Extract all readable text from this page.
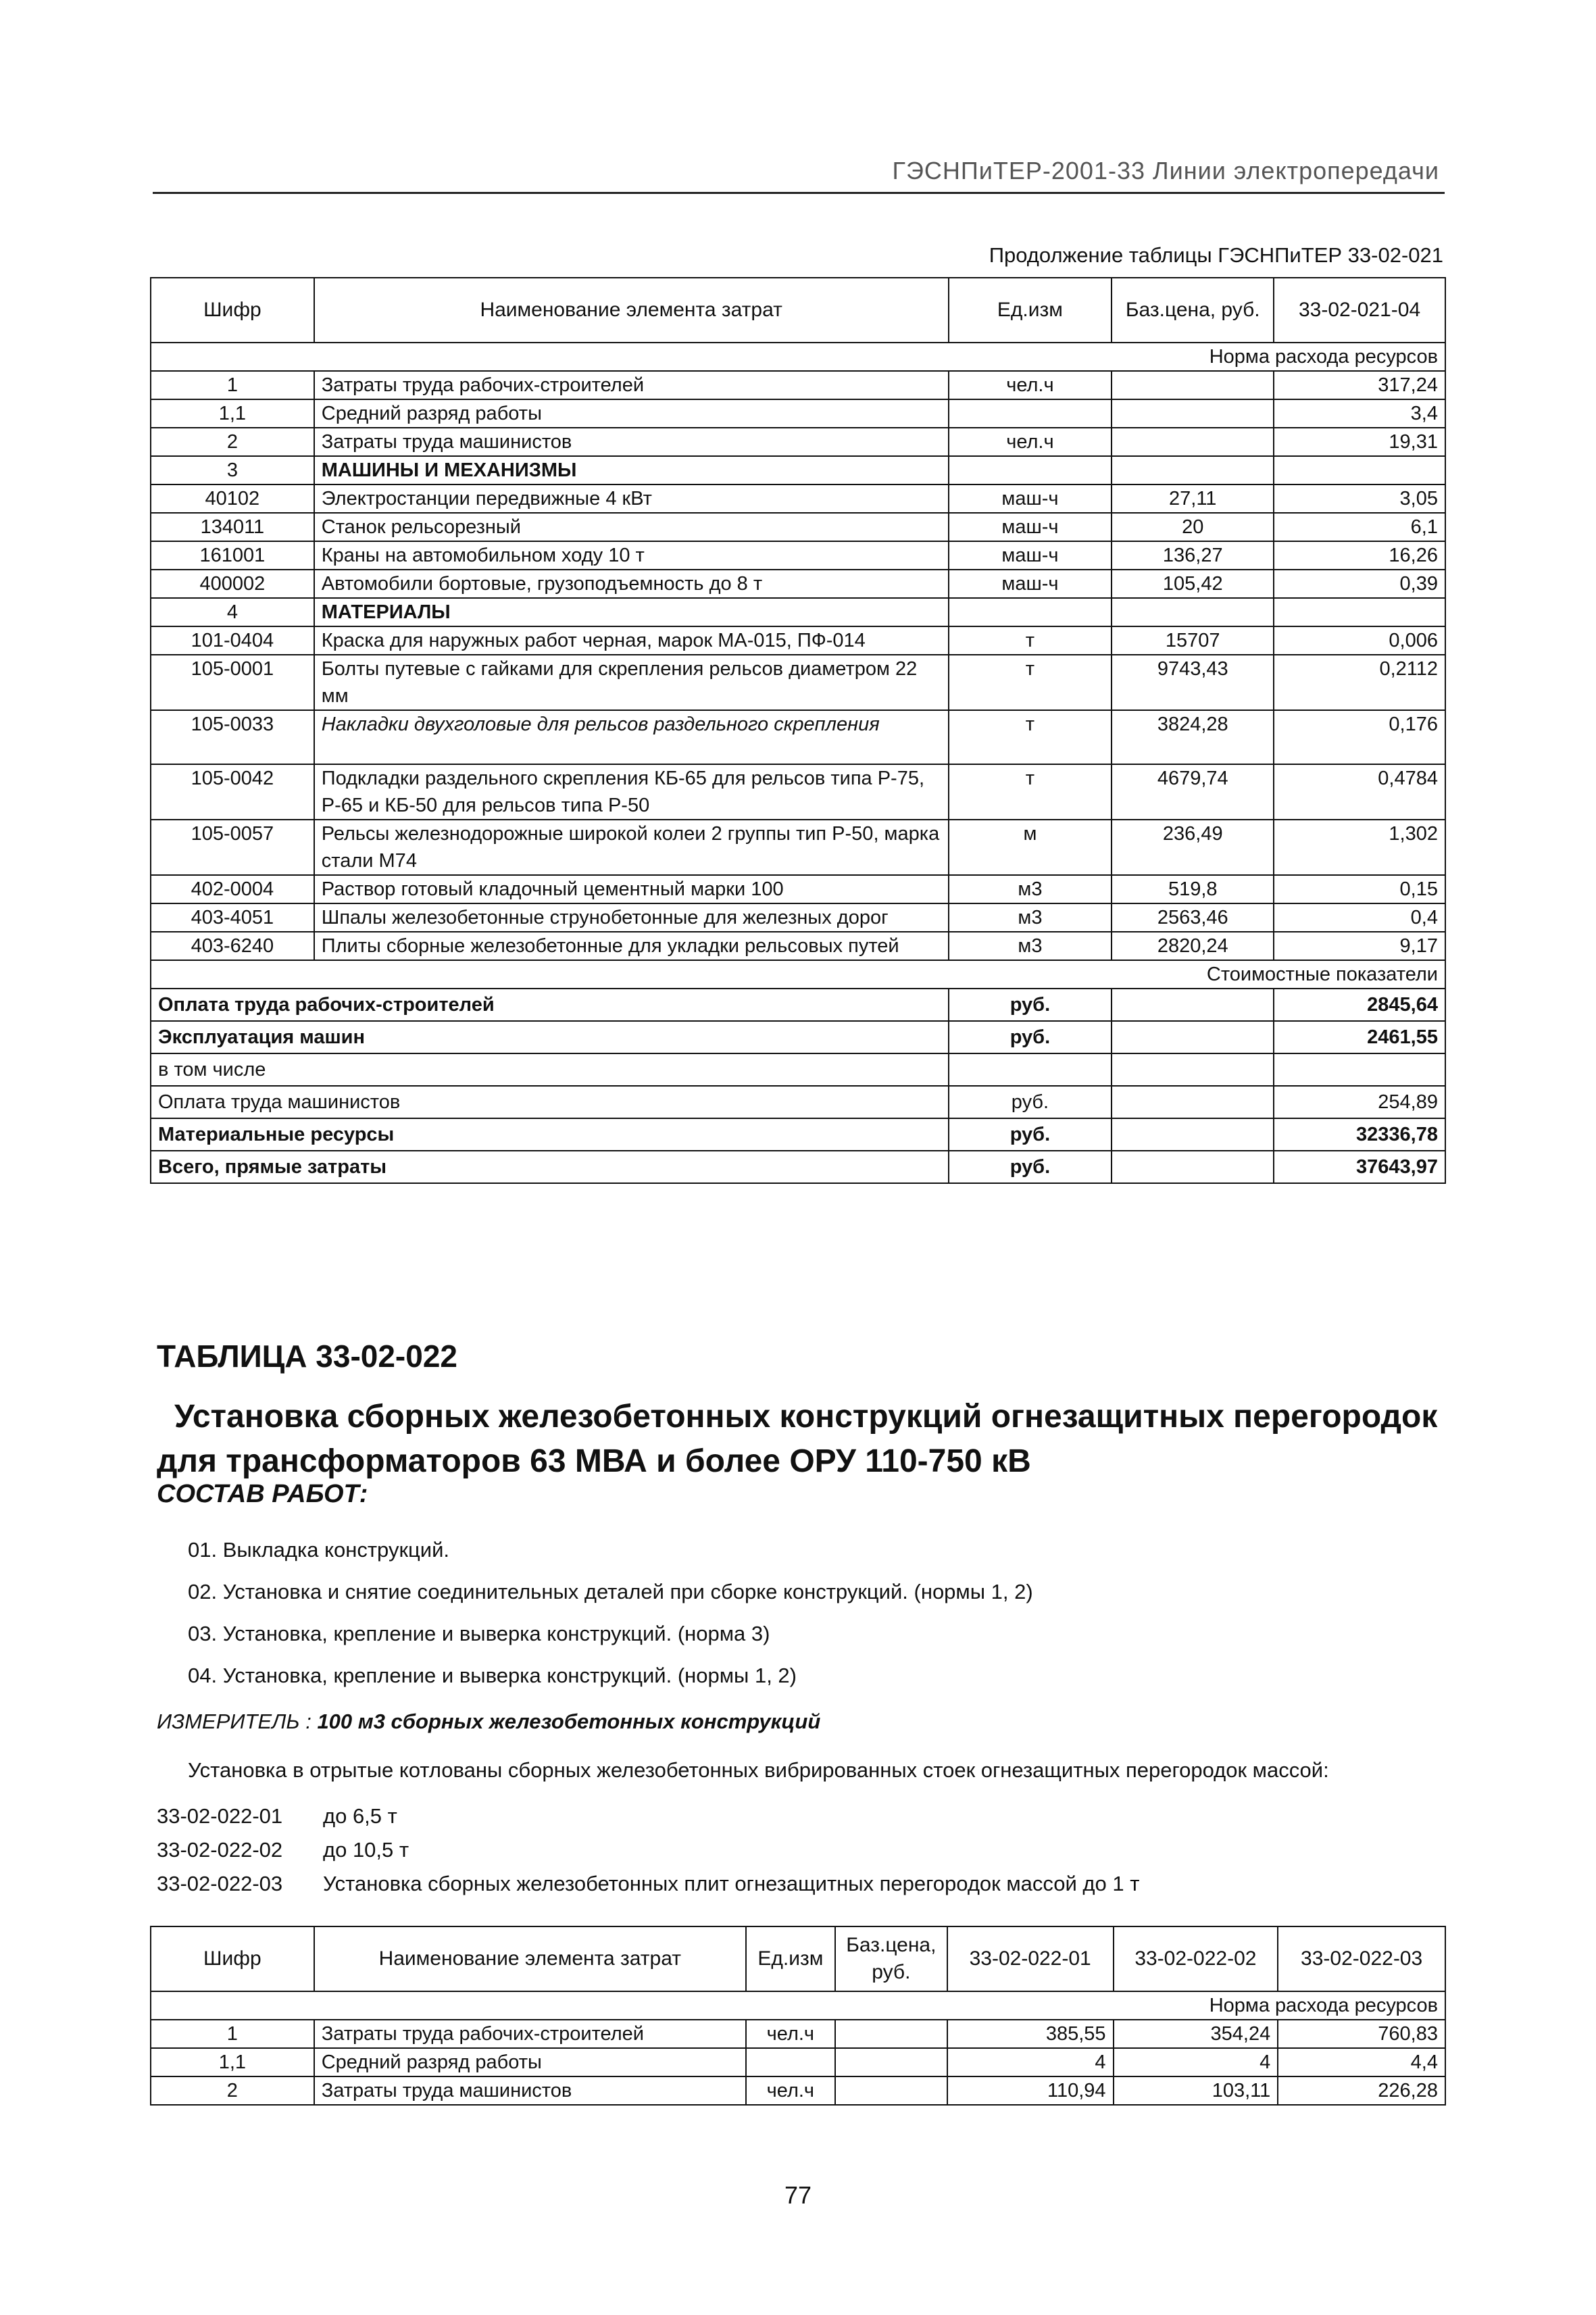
ГЭСНПиТЕР-2001-33 Линии электропередачи
Продолжение таблицы ГЭСНПиТЕР 33-02-021
Шифр	Наименование элемента затрат	Ед.изм	Баз.цена, руб.	33-02-021-04
Норма расхода ресурсов				
1	Затраты труда рабочих-строителей	чел.ч		317,24
1,1	Средний разряд работы			3,4
2	Затраты труда машинистов	чел.ч		19,31
3	МАШИНЫ И МЕХАНИЗМЫ			
40102	Электростанции передвижные 4 кВт	маш-ч	27,11	3,05
134011	Станок рельсорезный	маш-ч	20	6,1
161001	Краны на автомобильном ходу 10 т	маш-ч	136,27	16,26
400002	Автомобили бортовые, грузоподъемность до 8 т	маш-ч	105,42	0,39
4	МАТЕРИАЛЫ			
101-0404	Краска для наружных работ черная, марок МА-015, ПФ-014	т	15707	0,006
105-0001	Болты путевые с гайками для скрепления рельсов диаметром 22 мм	т	9743,43	0,2112
105-0033	Накладки двухголовые для рельсов раздельного скрепления	т	3824,28	0,176
105-0042	Подкладки раздельного скрепления КБ-65 для рельсов типа Р-75, Р-65 и КБ-50 для рельсов типа Р-50	т	4679,74	0,4784
105-0057	Рельсы железнодорожные широкой колеи 2 группы тип Р-50, марка стали М74	м	236,49	1,302
402-0004	Раствор готовый кладочный цементный марки 100	м3	519,8	0,15
403-4051	Шпалы железобетонные струнобетонные для железных дорог	м3	2563,46	0,4
403-6240	Плиты сборные железобетонные для укладки рельсовых путей	м3	2820,24	9,17
Стоимостные показатели				
Оплата труда рабочих-строителей		руб.		2845,64
Эксплуатация машин		руб.		2461,55
в том числе				
Оплата труда машинистов		руб.		254,89
Материальные ресурсы		руб.		32336,78
Всего, прямые затраты		руб.		37643,97
ТАБЛИЦА 33-02-022
Установка сборных железобетонных конструкций огнезащитных перегородок
для трансформаторов 63 МВА и более ОРУ 110-750 кВ
СОСТАВ РАБОТ:
01. Выкладка конструкций.
02. Установка и снятие соединительных деталей при сборке конструкций. (нормы 1, 2)
03. Установка, крепление и выверка конструкций. (норма 3)
04. Установка, крепление и выверка конструкций. (нормы 1, 2)
ИЗМЕРИТЕЛЬ : 100 м3 сборных железобетонных конструкций
Установка в отрытые котлованы сборных железобетонных вибрированных стоек огнезащитных перегородок массой:
33-02-022-01 до 6,5 т
33-02-022-02 до 10,5 т
33-02-022-03 Установка сборных железобетонных плит огнезащитных перегородок массой до 1 т
Шифр	Наименование элемента затрат	Ед.изм	Баз.цена, руб.	33-02-022-01	33-02-022-02	33-02-022-03
Норма расхода ресурсов						
1	Затраты труда рабочих-строителей	чел.ч		385,55	354,24	760,83
1,1	Средний разряд работы			4	4	4,4
2	Затраты труда машинистов	чел.ч		110,94	103,11	226,28
77
